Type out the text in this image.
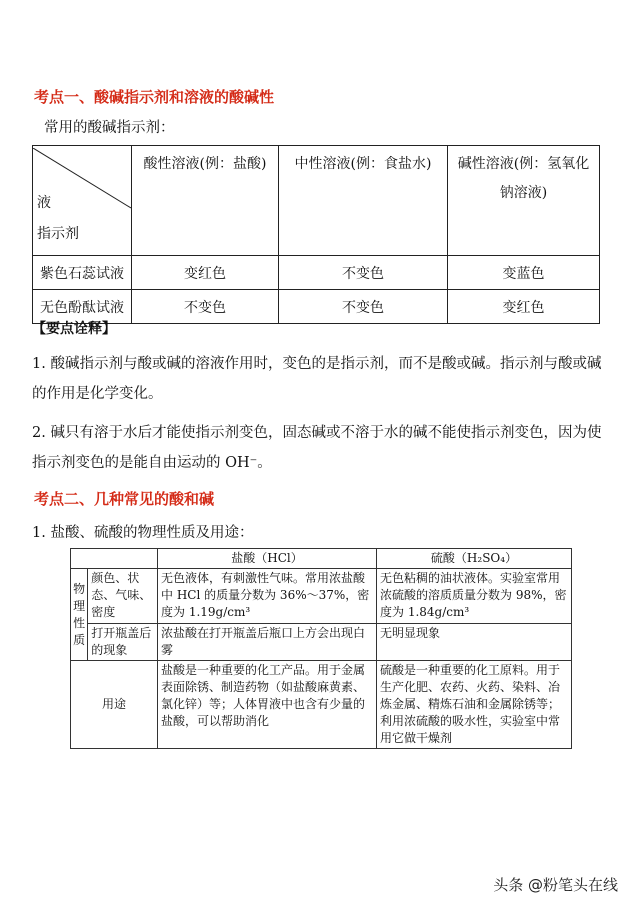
考点一、酸碱指示剂和溶液的酸碱性
常用的酸碱指示剂：
液
指示剂	酸性溶液(例：盐酸)	中性溶液(例：食盐水)	碱性溶液(例：氢氧化钠溶液)
紫色石蕊试液	变红色	不变色	变蓝色
无色酚酞试液	不变色	不变色	变红色
【要点诠释】
1. 酸碱指示剂与酸或碱的溶液作用时，变色的是指示剂，而不是酸或碱。指示剂与酸或碱的作用是化学变化。
2. 碱只有溶于水后才能使指示剂变色，固态碱或不溶于水的碱不能使指示剂变色，因为使指示剂变色的是能自由运动的 OH⁻。
考点二、几种常见的酸和碱
1. 盐酸、硫酸的物理性质及用途：
		盐酸（HCl）	硫酸（H₂SO₄）
物理性质	颜色、状态、气味、密度	无色液体，有刺激性气味。常用浓盐酸中 HCl 的质量分数为 36%～37%，密度为 1.19g/cm³	无色粘稠的油状液体。实验室常用浓硫酸的溶质质量分数为 98%，密度为 1.84g/cm³
	打开瓶盖后的现象	浓盐酸在打开瓶盖后瓶口上方会出现白雾	无明显现象
用途		盐酸是一种重要的化工产品。用于金属表面除锈、制造药物（如盐酸麻黄素、氯化锌）等；人体胃液中也含有少量的盐酸，可以帮助消化	硫酸是一种重要的化工原料。用于生产化肥、农药、火药、染料、冶炼金属、精炼石油和金属除锈等；利用浓硫酸的吸水性，实验室中常用它做干燥剂
头条 @粉笔头在线
